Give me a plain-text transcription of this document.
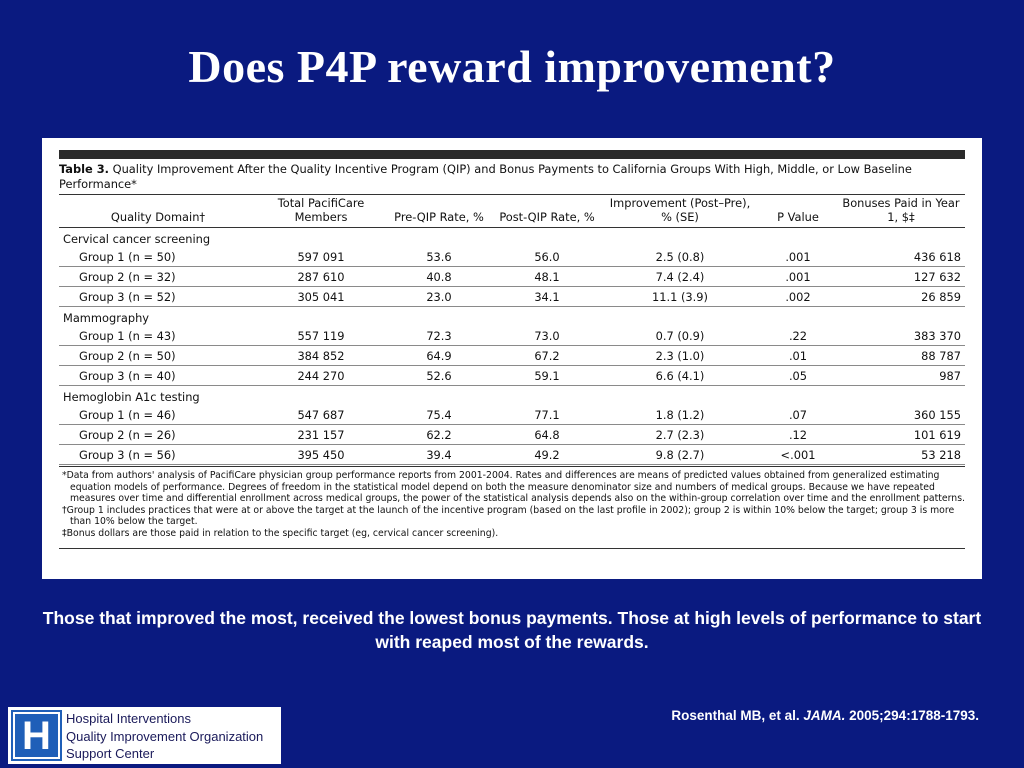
Does P4P reward improvement?
Table 3. Quality Improvement After the Quality Incentive Program (QIP) and Bonus Payments to California Groups With High, Middle, or Low Baseline Performance*
Quality Domain†	Total PacifiCare Members	Pre-QIP Rate, %	Post-QIP Rate, %	Improvement (Post–Pre), % (SE)	P Value	Bonuses Paid in Year 1, $‡
Cervical cancer screening						
Group 1 (n = 50)	597 091	53.6	56.0	2.5 (0.8)	.001	436 618
Group 2 (n = 32)	287 610	40.8	48.1	7.4 (2.4)	.001	127 632
Group 3 (n = 52)	305 041	23.0	34.1	11.1 (3.9)	.002	26 859
Mammography						
Group 1 (n = 43)	557 119	72.3	73.0	0.7 (0.9)	.22	383 370
Group 2 (n = 50)	384 852	64.9	67.2	2.3 (1.0)	.01	88 787
Group 3 (n = 40)	244 270	52.6	59.1	6.6 (4.1)	.05	987
Hemoglobin A1c testing						
Group 1 (n = 46)	547 687	75.4	77.1	1.8 (1.2)	.07	360 155
Group 2 (n = 26)	231 157	62.2	64.8	2.7 (2.3)	.12	101 619
Group 3 (n = 56)	395 450	39.4	49.2	9.8 (2.7)	<.001	53 218

*Data from authors' analysis of PacifiCare physician group performance reports from 2001-2004. Rates and differences are means of predicted values obtained from generalized estimating equation models of performance. Degrees of freedom in the statistical model depend on both the measure denominator size and numbers of medical groups. Because we have repeated measures over time and differential enrollment across medical groups, the power of the statistical analysis depends also on the within-group correlation over time and the enrollment patterns.

†Group 1 includes practices that were at or above the target at the launch of the incentive program (based on the last profile in 2002); group 2 is within 10% below the target; group 3 is more than 10% below the target.

‡Bonus dollars are those paid in relation to the specific target (eg, cervical cancer screening).

Those that improved the most, received the lowest bonus payments. Those at high levels of performance to start with reaped most of the rewards.
Rosenthal MB, et al. JAMA. 2005;294:1788-1793.
H	Hospital Interventions
Quality Improvement Organization
Support Center
